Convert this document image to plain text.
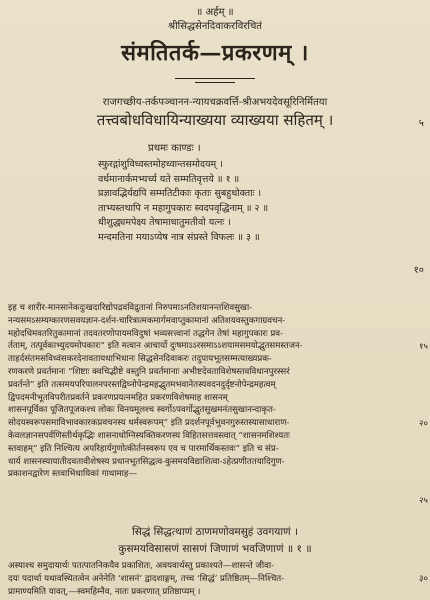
॥ अर्हम् ॥
श्रीसिद्धसेनदिवाकरविरचितं
संमतितर्क—प्रकरणम् ।
राजगच्छीय-तर्कपञ्चानन-न्यायचक्रवर्त्ति-श्रीअभयदेवसूरिनिर्मितया
तत्त्वबोधविधायिन्याख्यया व्याख्यया सहितम् ।	५
प्रथमः काण्डः ।
स्फुरद्गांशुविध्वस्तमोहध्वान्तसमोदयम् ।
वर्धमानार्कमभ्यर्च्य यते सम्मतिवृत्तये ॥ १ ॥
प्रज्ञावद्भिर्यद्यपि सम्मतिटीकाः कृताः सुबहुधोक्ताः ।
ताभ्यस्तथापि न महागुपकारः स्वदपवृद्धिनाम् ॥ २ ॥
धीशुद्ध्यमपेक्ष्य तेषामाधातुमतीवो यत्नः ।
मन्दमतिना मयाऽप्येष नात्र संप्रस्ते विफलः ॥ ३ ॥
१०
इह च शारीर-मानसानेकदुःखदारिद्योपद्रवविद्रुतानां निरुपमाऽनतिशयानन्तशिवसुखा-
नन्यसमऽसम्यग्कारणसवयज्ञान-दर्शन-चारित्रात्मकमार्गमवाप्तुकामानां अतिशयवस्तुकगाग्रवचन-
महोदधिमवतरितुकामानां तदवतरणोपायमविदुषां भव्यसत्त्वानां तद्धगेन तेषां महागुपकारः प्रव-
र्तताम्, तत्पूर्वकाभ्युदयमोपकारः” इति मत्वान आचार्यो दुःषमाऽऽरसमाऽऽशयामसमयोद्भुतसमस्तजन-
ताहर्दसंतमसविध्वंसकरदेनावतायधाभिधानः सिद्धसेनदिवाकरः तदुपायभूतसम्मत्याख्यप्रक-
रणकरणे प्रवर्तमानः “शिष्टाः क्वचिद्भीष्टे वस्तुनि प्रवर्तमानाः अभीष्टदेवताविशेषस्तवविधानपुरस्सरं
प्रवर्तन्ते” इति तत्समयपरिपालनपरस्तद्विघ्नोपेन्द्रमहद्भुतमभवानेतस्यवदनदुर्दृष्टनोपेन्द्रमहत्वम्
द्विपदमनीभूतविपरीतप्रवर्तने प्रकरणप्रयत्नमहित प्रकरणविशेषमाह शासनम्
शासनपूर्विका पूजितपूजकश्च लोकः विनयमूलश्च स्वर्गोऽपवर्गोद्भुतसुखमनंतसुखानन्दाकृत-
सोदयस्वरूपसमाविभावकारकप्रवचनस्य धर्मस्वरूपम्” इति प्रदर्शनपूर्वभुवनगुरुस्तस्यासाधाराण-
केवलज्ञानसपर्वणिस्तीर्थकृद्भिः शासनाधोग्निस्यक्तिकरणस्य विहितसत्तवस्त्वात् “शासनमशिश्यतः
स्तवाहम्” इति निश्चित्य अपरिहार्यगुणोत्कीर्तनस्वरूप एव च पारमार्थिकस्तवः” इति च संप्र-
धार्य शासनस्यायातीदवतावीशेषस्य प्रधानभूतसिद्धत्व-कुसमयविद्याशित्वा-ऽहेत्प्रणीततयादिगुण-
प्रकाशनद्वारेण स्तवाभिधायिकां गाथामाह—
१५
२०
२५
सिद्धं सिद्धत्थाणं ठाणमणोवमसुहं उवगयाणं ।
कुसमयविसासणं सासणं जिणाणं भवजिणाणं ॥ १ ॥
अस्याश्च समुदायार्थः पतत्पातनिकयैव प्रकाशितः, अवयवार्थस्तु प्रकाश्यते—शासन्ते जीवा-
दयः पदार्था यथावस्थितत्वेन अनेनेति ‘शासनं’ द्वादशाङ्गम्, तच्च ‘सिद्धं’ प्रतिष्ठितम्—निश्चित-
प्रामाण्यमिति यावत्,—स्वमहिम्नैव, नातः प्रकरणात् प्रतिष्ठाप्यम् ।
३०
